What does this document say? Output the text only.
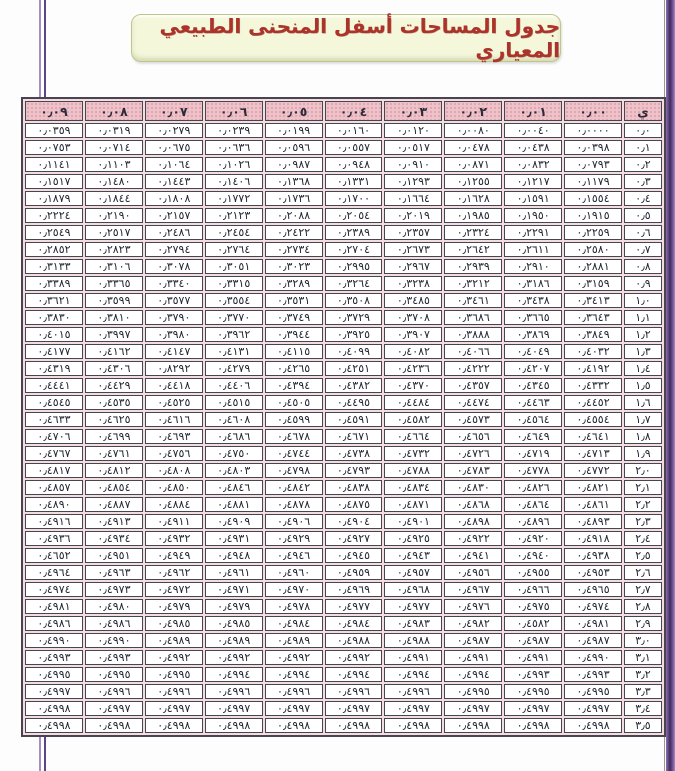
جدول المساحات أسفل المنحنى الطبيعي المعياري
ي	٠٫٠٠	٠٫٠١	٠٫٠٢	٠٫٠٣	٠٫٠٤	٠٫٠٥	٠٫٠٦	٠٫٠٧	٠٫٠٨	٠٫٠٩
٠٫٠	٠٫٠٠٠٠	٠٫٠٠٤٠	٠٫٠٠٨٠	٠٫٠١٢٠	٠٫٠١٦٠	٠٫٠١٩٩	٠٫٠٢٣٩	٠٫٠٢٧٩	٠٫٠٣١٩	٠٫٠٣٥٩
٠٫١	٠٫٠٣٩٨	٠٫٠٤٣٨	٠٫٠٤٧٨	٠٫٠٥١٧	٠٫٠٥٥٧	٠٫٠٥٩٦	٠٫٠٦٣٦	٠٫٠٦٧٥	٠٫٠٧١٤	٠٫٠٧٥٣
٠٫٢	٠٫٠٧٩٣	٠٫٠٨٣٢	٠٫٠٨٧١	٠٫٠٩١٠	٠٫٠٩٤٨	٠٫٠٩٨٧	٠٫١٠٢٦	٠٫١٠٦٤	٠٫١١٠٣	٠٫١١٤١
٠٫٣	٠٫١١٧٩	٠٫١٢١٧	٠٫١٢٥٥	٠٫١٢٩٣	٠٫١٣٣١	٠٫١٣٦٨	٠٫١٤٠٦	٠٫١٤٤٣	٠٫١٤٨٠	٠٫١٥١٧
٠٫٤	٠٫١٥٥٤	٠٫١٥٩١	٠٫١٦٢٨	٠٫١٦٦٤	٠٫١٧٠٠	٠٫١٧٣٦	٠٫١٧٧٢	٠٫١٨٠٨	٠٫١٨٤٤	٠٫١٨٧٩
٠٫٥	٠٫١٩١٥	٠٫١٩٥٠	٠٫١٩٨٥	٠٫٢٠١٩	٠٫٢٠٥٤	٠٫٢٠٨٨	٠٫٢١٢٣	٠٫٢١٥٧	٠٫٢١٩٠	٠٫٢٢٢٤
٠٫٦	٠٫٢٢٥٩	٠٫٢٢٩١	٠٫٢٣٢٤	٠٫٢٣٥٧	٠٫٢٣٨٩	٠٫٢٤٢٢	٠٫٢٤٥٤	٠٫٢٤٨٦	٠٫٢٥١٧	٠٫٢٥٤٩
٠٫٧	٠٫٢٥٨٠	٠٫٢٦١١	٠٫٢٦٤٢	٠٫٢٦٧٣	٠٫٢٧٠٤	٠٫٢٧٣٤	٠٫٢٧٦٤	٠٫٢٧٩٤	٠٫٢٨٢٣	٠٫٢٨٥٢
٠٫٨	٠٫٢٨٨١	٠٫٢٩١٠	٠٫٢٩٣٩	٠٫٢٩٦٧	٠٫٢٩٩٥	٠٫٣٠٢٣	٠٫٣٠٥١	٠٫٣٠٧٨	٠٫٣١٠٦	٠٫٣١٣٣
٠٫٩	٠٫٣١٥٩	٠٫٣١٨٦	٠٫٣٢١٢	٠٫٣٢٣٨	٠٫٣٢٦٤	٠٫٣٢٨٩	٠٫٣٣١٥	٠٫٣٣٤٠	٠٫٣٣٦٥	٠٫٣٣٨٩
١٫٠	٠٫٣٤١٣	٠٫٣٤٣٨	٠٫٣٤٦١	٠٫٣٤٨٥	٠٫٣٥٠٨	٠٫٣٥٣١	٠٫٣٥٥٤	٠٫٣٥٧٧	٠٫٣٥٩٩	٠٫٣٦٢١
١٫١	٠٫٣٦٤٣	٠٫٣٦٦٥	٠٫٣٦٨٦	٠٫٣٧٠٨	٠٫٣٧٢٩	٠٫٣٧٤٩	٠٫٣٧٧٠	٠٫٣٧٩٠	٠٫٣٨١٠	٠٫٣٨٣٠
١٫٢	٠٫٣٨٤٩	٠٫٣٨٦٩	٠٫٣٨٨٨	٠٫٣٩٠٧	٠٫٣٩٢٥	٠٫٣٩٤٤	٠٫٣٩٦٢	٠٫٣٩٨٠	٠٫٣٩٩٧	٠٫٤٠١٥
١٫٣	٠٫٤٠٣٢	٠٫٤٠٤٩	٠٫٤٠٦٦	٠٫٤٠٨٢	٠٫٤٠٩٩	٠٫٤١١٥	٠٫٤١٣١	٠٫٤١٤٧	٠٫٤١٦٢	٠٫٤١٧٧
١٫٤	٠٫٤١٩٢	٠٫٤٢٠٧	٠٫٤٢٢٢	٠٫٤٢٣٦	٠٫٤٢٥١	٠٫٤٢٦٥	٠٫٤٢٧٩	٠٫٨٢٩٢	٠٫٤٣٠٦	٠٫٤٣١٩
١٫٥	٠٫٤٣٣٢	٠٫٤٣٤٥	٠٫٤٣٥٧	٠٫٤٣٧٠	٠٫٤٣٨٢	٠٫٤٣٩٤	٠٫٤٤٠٦	٠٫٤٤١٨	٠٫٤٤٢٩	٠٫٤٤٤١
١٫٦	٠٫٤٤٥٢	٠٫٤٤٦٣	٠٫٤٤٧٤	٠٫٤٤٨٤	٠٫٤٤٩٥	٠٫٤٥٠٥	٠٫٤٥١٥	٠٫٤٥٢٥	٠٫٤٥٣٥	٠٫٤٥٤٥
١٫٧	٠٫٤٥٥٤	٠٫٤٥٦٤	٠٫٤٥٧٣	٠٫٤٥٨٢	٠٫٤٥٩١	٠٫٤٥٩٩	٠٫٤٦٠٨	٠٫٤٦١٦	٠٫٤٦٢٥	٠٫٤٦٣٣
١٫٨	٠٫٤٦٤١	٠٫٤٦٤٩	٠٫٤٦٥٦	٠٫٤٦٦٤	٠٫٤٦٧١	٠٫٤٦٧٨	٠٫٤٦٨٦	٠٫٤٦٩٣	٠٫٤٦٩٩	٠٫٤٧٠٦
١٫٩	٠٫٤٧١٣	٠٫٤٧١٩	٠٫٤٧٢٦	٠٫٤٧٣٢	٠٫٤٧٣٨	٠٫٤٧٤٤	٠٫٤٧٥٠	٠٫٤٧٥٦	٠٫٤٧٦١	٠٫٤٧٦٧
٢٫٠	٠٫٤٧٧٢	٠٫٤٧٧٨	٠٫٤٧٨٣	٠٫٤٧٨٨	٠٫٤٧٩٣	٠٫٤٧٩٨	٠٫٤٨٠٣	٠٫٤٨٠٨	٠٫٤٨١٢	٠٫٤٨١٧
٢٫١	٠٫٤٨٢١	٠٫٤٨٢٦	٠٫٤٨٣٠	٠٫٤٨٣٤	٠٫٤٨٣٨	٠٫٤٨٤٢	٠٫٤٨٤٦	٠٫٤٨٥٠	٠٫٤٨٥٤	٠٫٤٨٥٧
٢٫٢	٠٫٤٨٦١	٠٫٤٨٦٤	٠٫٤٨٦٨	٠٫٤٨٧١	٠٫٤٨٧٥	٠٫٤٨٧٨	٠٫٤٨٨١	٠٫٤٨٨٤	٠٫٤٨٨٧	٠٫٤٨٩٠
٢٫٣	٠٫٤٨٩٣	٠٫٤٨٩٦	٠٫٤٨٩٨	٠٫٤٩٠١	٠٫٤٩٠٤	٠٫٤٩٠٦	٠٫٤٩٠٩	٠٫٤٩١١	٠٫٤٩١٣	٠٫٤٩١٦
٢٫٤	٠٫٤٩١٨	٠٫٤٩٢٠	٠٫٤٩٢٢	٠٫٤٩٢٥	٠٫٤٩٢٧	٠٫٤٩٢٩	٠٫٤٩٣١	٠٫٤٩٣٢	٠٫٤٩٣٤	٠٫٤٩٣٦
٢٫٥	٠٫٤٩٣٨	٠٫٤٩٤٠	٠٫٤٩٤١	٠٫٤٩٤٣	٠٫٤٩٤٥	٠٫٤٩٤٦	٠٫٤٩٤٨	٠٫٤٩٤٩	٠٫٤٩٥١	٠٫٤٦٥٢
٢٫٦	٠٫٤٩٥٣	٠٫٤٩٥٥	٠٫٤٩٥٦	٠٫٤٩٥٧	٠٫٤٩٥٩	٠٫٤٩٦٠	٠٫٤٩٦١	٠٫٤٩٦٢	٠٫٤٩٦٣	٠٫٤٩٦٤
٢٫٧	٠٫٤٩٦٥	٠٫٤٩٦٦	٠٫٤٩٦٧	٠٫٤٩٦٨	٠٫٤٩٦٩	٠٫٤٩٧٠	٠٫٤٩٧١	٠٫٤٩٧٢	٠٫٤٩٧٣	٠٫٤٩٧٤
٢٫٨	٠٫٤٩٧٤	٠٫٤٩٧٥	٠٫٤٩٧٦	٠٫٤٩٧٧	٠٫٤٩٧٧	٠٫٤٩٧٨	٠٫٤٩٧٩	٠٫٤٩٧٩	٠٫٤٩٨٠	٠٫٤٩٨١
٢٫٩	٠٫٤٩٨١	٠٫٤٥٨٢	٠٫٤٩٨٢	٠٫٤٩٨٣	٠٫٤٩٨٤	٠٫٤٩٨٤	٠٫٤٩٨٥	٠٫٤٩٨٥	٠٫٤٩٨٦	٠٫٤٩٨٦
٣٫٠	٠٫٤٩٨٧	٠٫٤٩٨٧	٠٫٤٩٨٧	٠٫٤٩٨٨	٠٫٤٩٨٨	٠٫٤٩٨٩	٠٫٤٩٨٩	٠٫٤٩٨٩	٠٫٤٩٩٠	٠٫٤٩٩٠
٣٫١	٠٫٤٩٩٠	٠٫٤٩٩١	٠٫٤٩٩١	٠٫٤٩٩١	٠٫٤٩٩٢	٠٫٤٩٩٢	٠٫٤٩٩٢	٠٫٤٩٩٢	٠٫٤٩٩٣	٠٫٤٩٩٣
٣٫٢	٠٫٤٩٩٣	٠٫٤٩٩٣	٠٫٤٩٩٤	٠٫٤٩٩٤	٠٫٤٩٩٤	٠٫٤٩٩٤	٠٫٤٩٩٤	٠٫٤٩٩٥	٠٫٤٩٩٥	٠٫٤٩٩٥
٣٫٣	٠٫٤٩٩٥	٠٫٤٩٩٥	٠٫٤٩٩٥	٠٫٤٩٩٦	٠٫٤٩٩٦	٠٫٤٩٩٦	٠٫٤٩٩٦	٠٫٤٩٩٦	٠٫٤٩٩٦	٠٫٤٩٩٧
٣٫٤	٠٫٤٩٩٧	٠٫٤٩٩٧	٠٫٤٩٩٧	٠٫٤٩٩٧	٠٫٤٩٩٧	٠٫٤٩٩٧	٠٫٤٩٩٧	٠٫٤٩٩٧	٠٫٤٩٩٧	٠٫٤٩٩٨
٣٫٥	٠٫٤٩٩٨	٠٫٤٩٩٨	٠٫٤٩٩٨	٠٫٤٩٩٨	٠٫٤٩٩٨	٠٫٤٩٩٨	٠٫٤٩٩٨	٠٫٤٩٩٨	٠٫٤٩٩٨	٠٫٤٩٩٨
